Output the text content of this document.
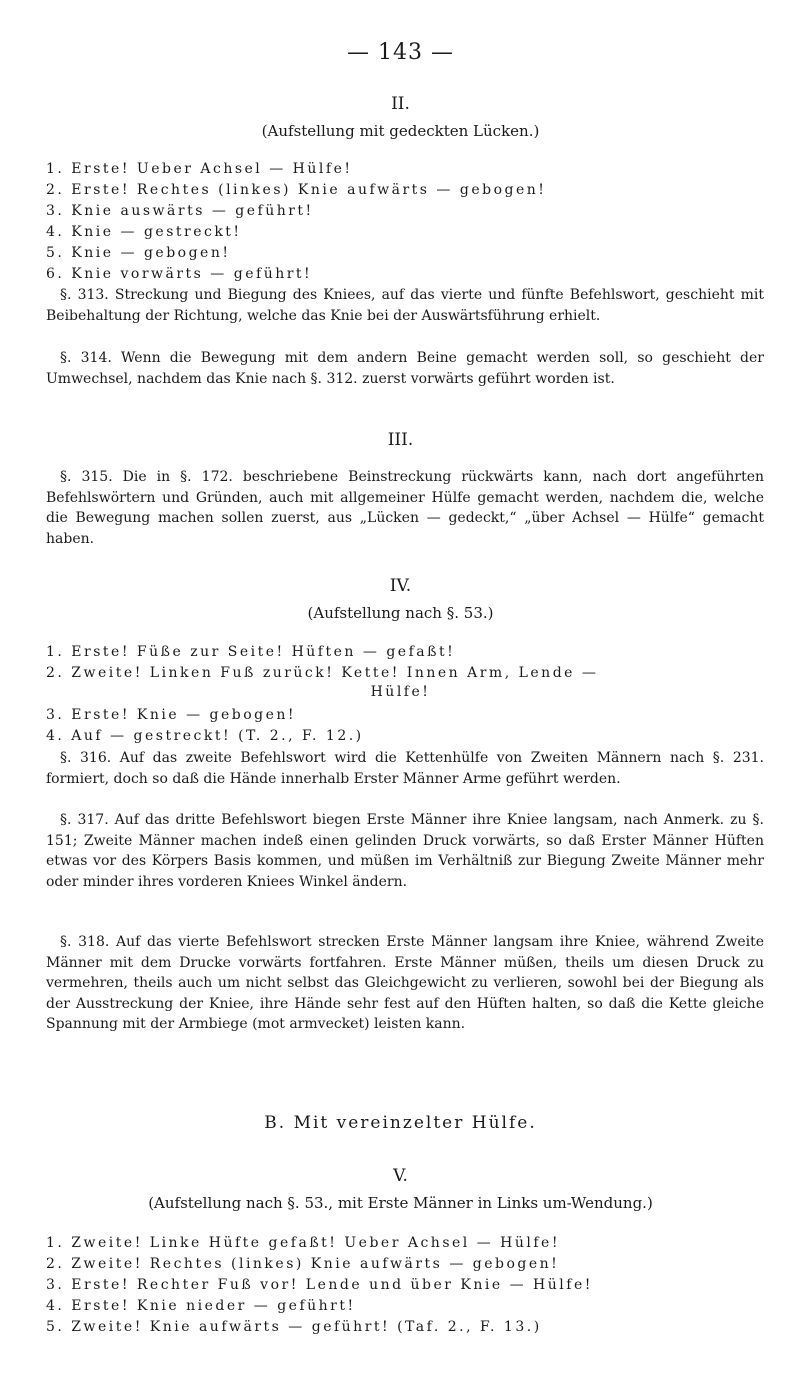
— 143 —
II.
(Aufstellung mit gedeckten Lücken.)
1. Erste! Ueber Achsel — Hülfe!
2. Erste! Rechtes (linkes) Knie aufwärts — gebogen!
3. Knie auswärts — geführt!
4. Knie — gestreckt!
5. Knie — gebogen!
6. Knie vorwärts — geführt!
§. 313. Streckung und Biegung des Kniees, auf das vierte und fünfte Befehlswort, geschieht mit Beibehaltung der Richtung, welche das Knie bei der Auswärtsführung erhielt.
§. 314. Wenn die Bewegung mit dem andern Beine gemacht werden soll, so geschieht der Umwechsel, nachdem das Knie nach §. 312. zuerst vorwärts geführt worden ist.
III.
§. 315. Die in §. 172. beschriebene Beinstreckung rückwärts kann, nach dort angeführten Befehlswörtern und Gründen, auch mit allgemeiner Hülfe gemacht werden, nachdem die, welche die Bewegung machen sollen zuerst, aus „Lücken — gedeckt,“ „über Achsel — Hülfe“ gemacht haben.
IV.
(Aufstellung nach §. 53.)
1. Erste! Füße zur Seite! Hüften — gefaßt!
2. Zweite! Linken Fuß zurück! Kette! Innen Arm, Lende —
Hülfe!
3. Erste! Knie — gebogen!
4. Auf — gestreckt! (T. 2., F. 12.)
§. 316. Auf das zweite Befehlswort wird die Kettenhülfe von Zweiten Männern nach §. 231. formiert, doch so daß die Hände innerhalb Erster Männer Arme geführt werden.
§. 317. Auf das dritte Befehlswort biegen Erste Männer ihre Kniee langsam, nach Anmerk. zu §. 151; Zweite Männer machen indeß einen gelinden Druck vorwärts, so daß Erster Männer Hüften etwas vor des Körpers Basis kommen, und müßen im Verhältniß zur Biegung Zweite Männer mehr oder minder ihres vorderen Kniees Winkel ändern.
§. 318. Auf das vierte Befehlswort strecken Erste Männer langsam ihre Kniee, während Zweite Männer mit dem Drucke vorwärts fortfahren. Erste Männer müßen, theils um diesen Druck zu vermehren, theils auch um nicht selbst das Gleichgewicht zu verlieren, sowohl bei der Biegung als der Ausstreckung der Kniee, ihre Hände sehr fest auf den Hüften halten, so daß die Kette gleiche Spannung mit der Armbiege (mot armvecket) leisten kann.
B. Mit vereinzelter Hülfe.
V.
(Aufstellung nach §. 53., mit Erste Männer in Links um-Wendung.)
1. Zweite! Linke Hüfte gefaßt! Ueber Achsel — Hülfe!
2. Zweite! Rechtes (linkes) Knie aufwärts — gebogen!
3. Erste! Rechter Fuß vor! Lende und über Knie — Hülfe!
4. Erste! Knie nieder — geführt!
5. Zweite! Knie aufwärts — geführt! (Taf. 2., F. 13.)
